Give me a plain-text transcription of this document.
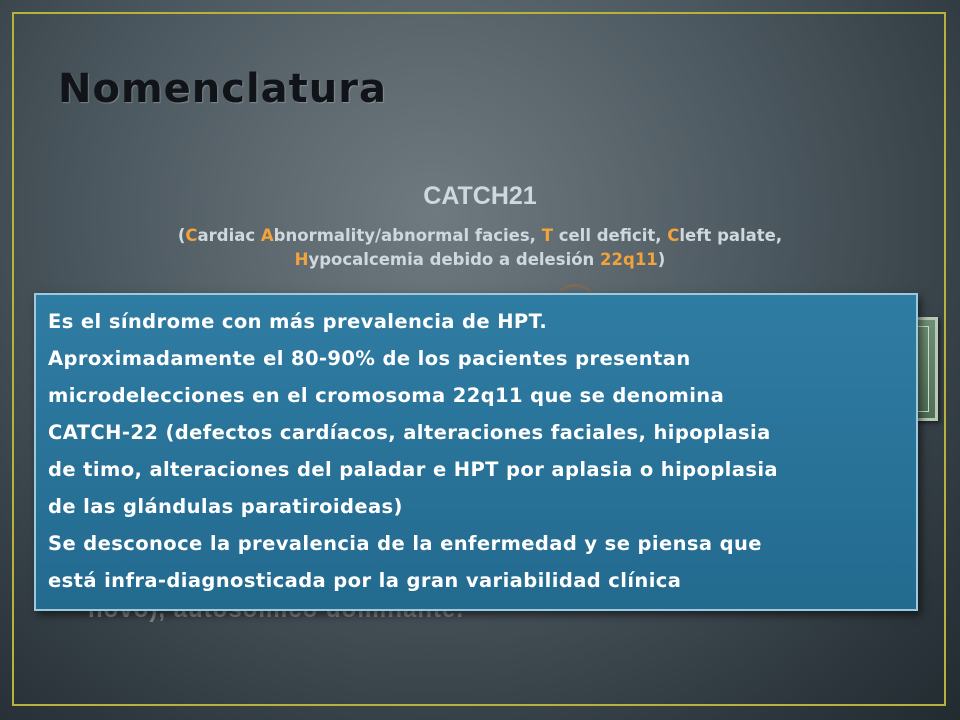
Nomenclatura
CATCH21
(Cardiac Abnormality/abnormal facies, T cell deficit, Cleft palate,
Hypocalcemia debido a delesión 22q11)

Es el síndrome con más prevalencia de HPT.

Aproximadamente el 80-90% de los pacientes presentan

microdelecciones en el cromosoma 22q11 que se denomina

CATCH-22 (defectos cardíacos, alteraciones faciales, hipoplasia

de timo, alteraciones del paladar e HPT por aplasia o hipoplasia

de las glándulas paratiroideas)

Se desconoce la prevalencia de la enfermedad y se piensa que

está infra-diagnosticada por la gran variabilidad clínica
